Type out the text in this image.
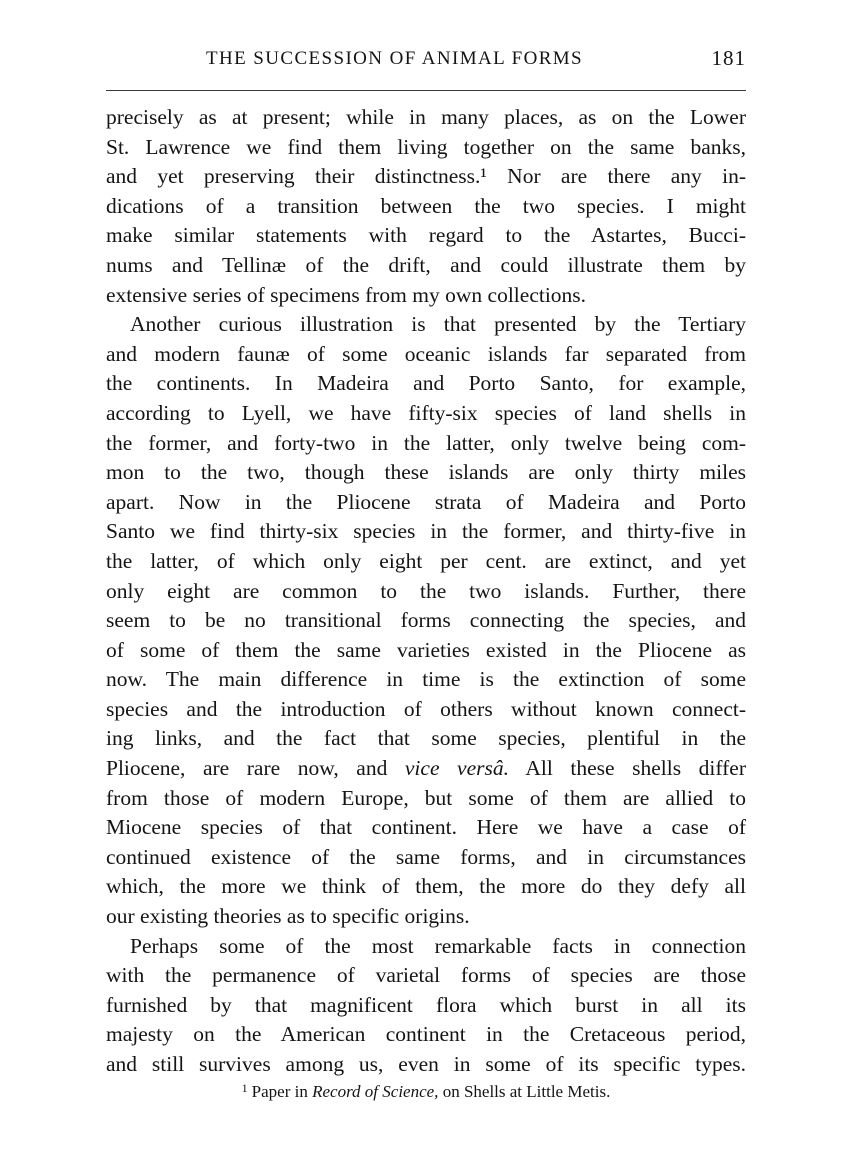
THE SUCCESSION OF ANIMAL FORMS	181
precisely as at present; while in many places, as on the Lower
St. Lawrence we find them living together on the same banks,
and yet preserving their distinctness.¹ Nor are there any in-
dications of a transition between the two species. I might
make similar statements with regard to the Astartes, Bucci-
nums and Tellinæ of the drift, and could illustrate them by
extensive series of specimens from my own collections.
Another curious illustration is that presented by the Tertiary
and modern faunæ of some oceanic islands far separated from
the continents. In Madeira and Porto Santo, for example,
according to Lyell, we have fifty-six species of land shells in
the former, and forty-two in the latter, only twelve being com-
mon to the two, though these islands are only thirty miles
apart. Now in the Pliocene strata of Madeira and Porto
Santo we find thirty-six species in the former, and thirty-five in
the latter, of which only eight per cent. are extinct, and yet
only eight are common to the two islands. Further, there
seem to be no transitional forms connecting the species, and
of some of them the same varieties existed in the Pliocene as
now. The main difference in time is the extinction of some
species and the introduction of others without known connect-
ing links, and the fact that some species, plentiful in the
Pliocene, are rare now, and vice versâ. All these shells differ
from those of modern Europe, but some of them are allied to
Miocene species of that continent. Here we have a case of
continued existence of the same forms, and in circumstances
which, the more we think of them, the more do they defy all
our existing theories as to specific origins.
Perhaps some of the most remarkable facts in connection
with the permanence of varietal forms of species are those
furnished by that magnificent flora which burst in all its
majesty on the American continent in the Cretaceous period,
and still survives among us, even in some of its specific types.
$^1$ Paper in Record of Science, on Shells at Little Metis.
